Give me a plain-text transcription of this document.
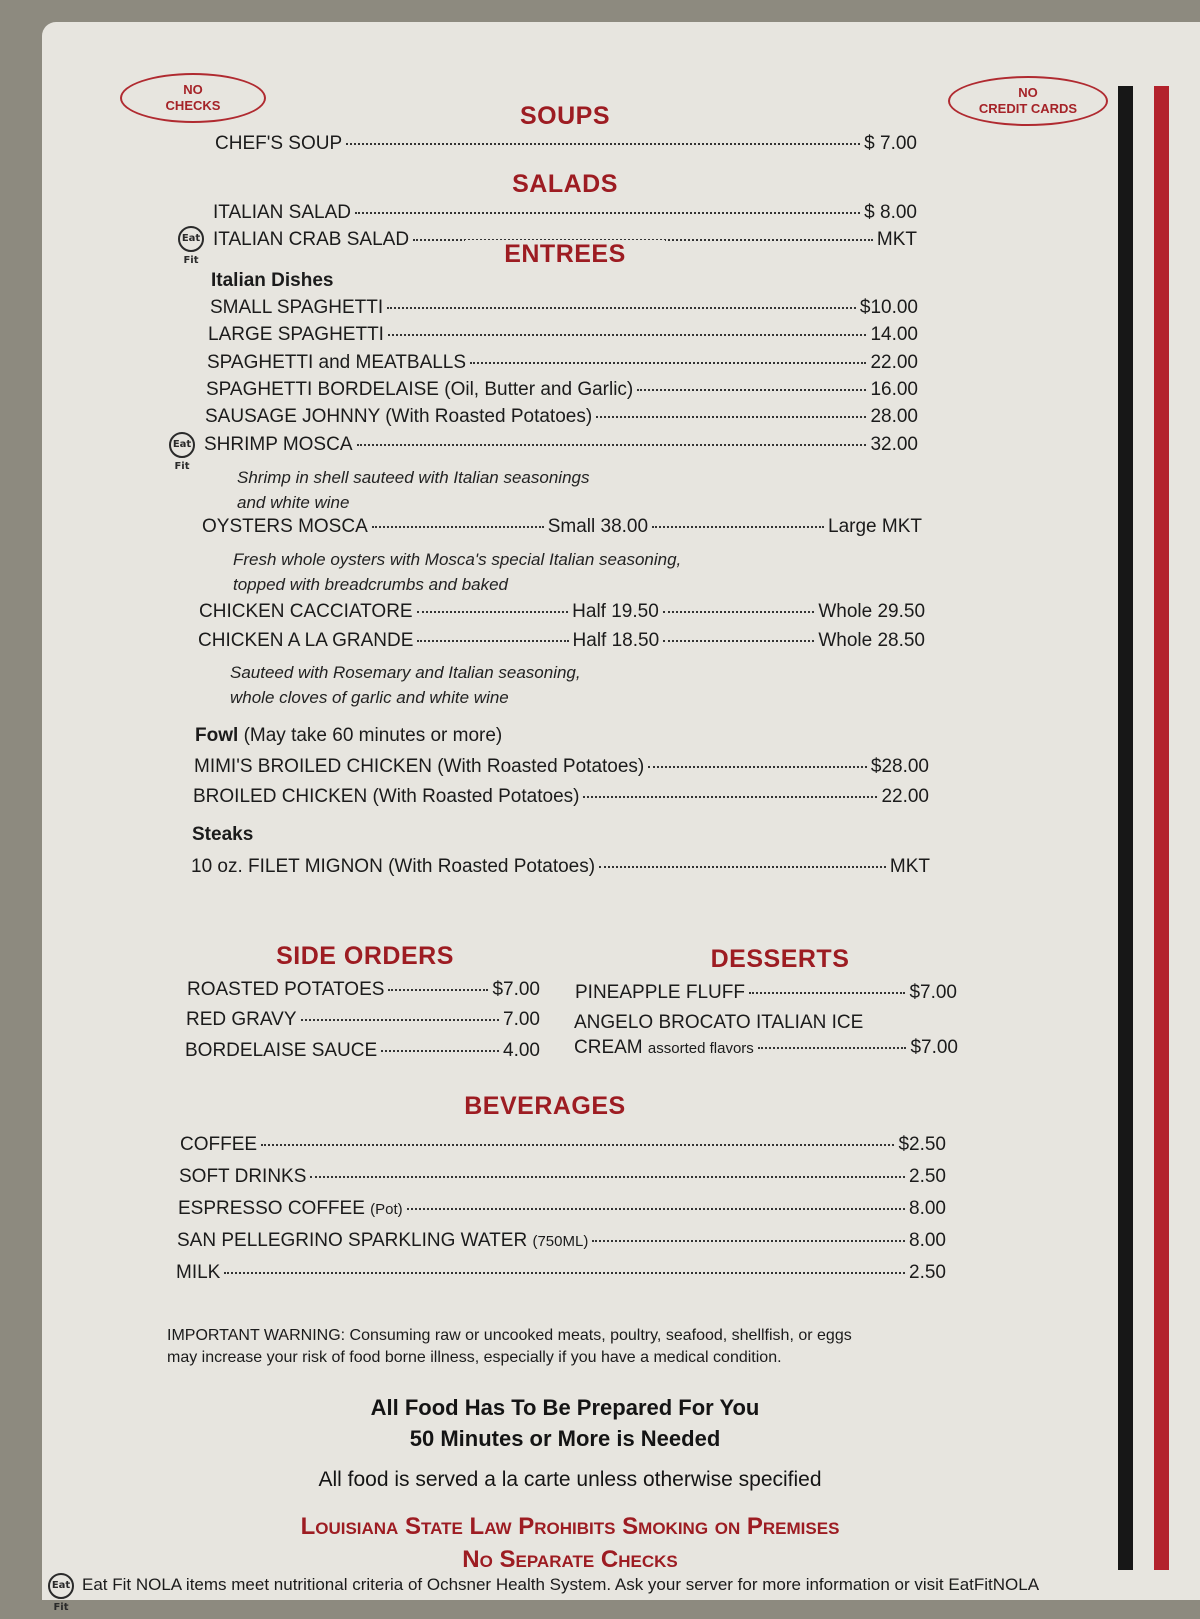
NO
CHECKS
NO
CREDIT CARDS
SOUPS
CHEF'S SOUP	$ 7.00
SALADS
ITALIAN SALAD	$ 8.00
Eat Fit
ITALIAN CRAB SALAD	MKT
ENTREES
Italian Dishes
SMALL SPAGHETTI	$10.00
LARGE SPAGHETTI	14.00
SPAGHETTI and MEATBALLS	22.00
SPAGHETTI BORDELAISE (Oil, Butter and Garlic)	16.00
SAUSAGE JOHNNY (With Roasted Potatoes)	28.00
Eat Fit
SHRIMP MOSCA	32.00
Shrimp in shell sauteed with Italian seasonings
and white wine
OYSTERS MOSCA	Small 38.00	Large MKT
Fresh whole oysters with Mosca's special Italian seasoning,
topped with breadcrumbs and baked
CHICKEN CACCIATORE	Half 19.50	Whole 29.50
CHICKEN A LA GRANDE	Half 18.50	Whole 28.50
Sauteed with Rosemary and Italian seasoning,
whole cloves of garlic and white wine
Fowl (May take 60 minutes or more)
MIMI'S BROILED CHICKEN (With Roasted Potatoes)	$28.00
BROILED CHICKEN (With Roasted Potatoes)	22.00
Steaks
10 oz. FILET MIGNON (With Roasted Potatoes)	MKT
SIDE ORDERS
ROASTED POTATOES	$7.00
RED GRAVY	7.00
BORDELAISE SAUCE	4.00
DESSERTS
PINEAPPLE FLUFF	$7.00
ANGELO BROCATO ITALIAN ICE
CREAM
assorted flavors	$7.00
BEVERAGES
COFFEE	$2.50
SOFT DRINKS	2.50
ESPRESSO COFFEE
(Pot)	8.00
SAN PELLEGRINO SPARKLING WATER
(750ML)	8.00
MILK	2.50
IMPORTANT WARNING: Consuming raw or uncooked meats, poultry, seafood, shellfish, or eggs
may increase your risk of food borne illness, especially if you have a medical condition.
All Food Has To Be Prepared For You
50 Minutes or More is Needed
All food is served a la carte unless otherwise specified
Louisiana State Law Prohibits Smoking on Premises
No Separate Checks
Eat Fit
Eat Fit NOLA items meet nutritional criteria of Ochsner Health System. Ask your server for more information or visit EatFitNOLA
